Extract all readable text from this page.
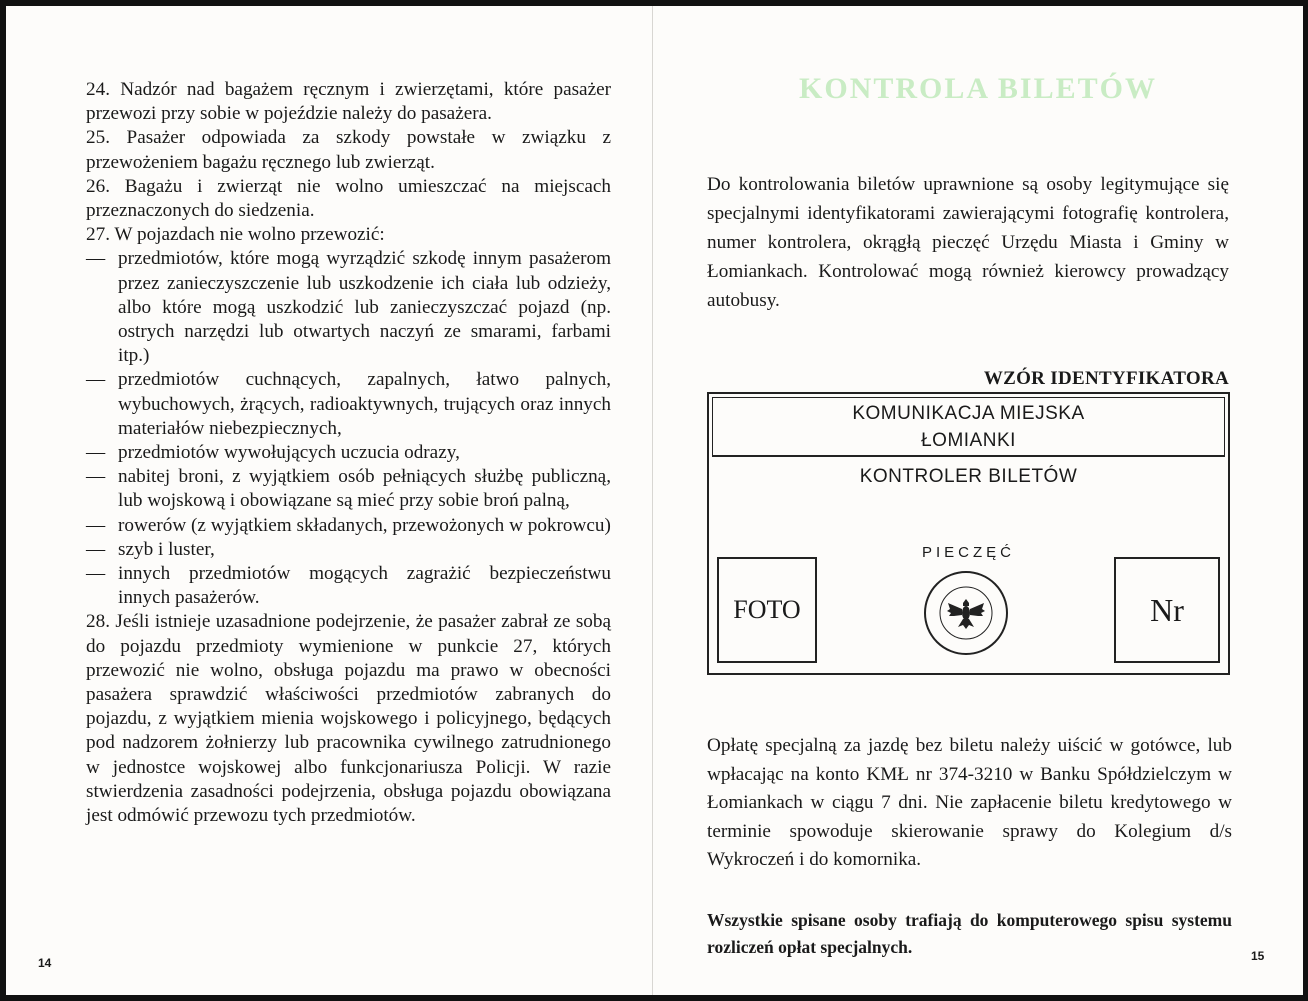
24. Nadzór nad bagażem ręcznym i zwierzętami, które pasażer przewozi przy sobie w pojeździe należy do pasażera.

25. Pasażer odpowiada za szkody powstałe w związku z przewożeniem bagażu ręcznego lub zwierząt.

26. Bagażu i zwierząt nie wolno umieszczać na miejscach przeznaczonych do siedzenia.

27. W pojazdach nie wolno przewozić:

— przedmiotów, które mogą wyrządzić szkodę innym pasażerom przez zanieczyszczenie lub uszkodzenie ich ciała lub odzieży, albo które mogą uszkodzić lub zanieczyszczać pojazd (np. ostrych narzędzi lub otwartych naczyń ze smarami, farbami itp.)
— przedmiotów cuchnących, zapalnych, łatwo palnych, wybuchowych, żrących, radioaktywnych, trujących oraz innych materiałów niebezpiecznych,
— przedmiotów wywołujących uczucia odrazy,
— nabitej broni, z wyjątkiem osób pełniących służbę publiczną, lub wojskową i obowiązane są mieć przy sobie broń palną,
— rowerów (z wyjątkiem składanych, przewożonych w pokrowcu)
— szyb i luster,
— innych przedmiotów mogących zagrażić bezpieczeństwu innych pasażerów.

28. Jeśli istnieje uzasadnione podejrzenie, że pasażer zabrał ze sobą do pojazdu przedmioty wymienione w punkcie 27, których przewozić nie wolno, obsługa pojazdu ma prawo w obecności pasażera sprawdzić właściwości przedmiotów zabranych do pojazdu, z wyjątkiem mienia wojskowego i policyjnego, będących pod nadzorem żołnierzy lub pracownika cywilnego zatrudnionego w jednostce wojskowej albo funkcjonariusza Policji. W razie stwierdzenia zasadności podejrzenia, obsługa pojazdu obowiązana jest odmówić przewozu tych przedmiotów.

14
KONTROLA BILETÓW
Do kontrolowania biletów uprawnione są osoby legitymujące się specjalnymi identyfikatorami zawierającymi fotografię kontrolera, numer kontrolera, okrągłą pieczęć Urzędu Miasta i Gminy w Łomiankach. Kontrolować mogą również kierowcy prowadzący autobusy.
WZÓR IDENTYFIKATORA
KOMUNIKACJA MIEJSKA
ŁOMIANKI
KONTROLER BILETÓW
FOTO
PIECZĘĆ
Nr

Opłatę specjalną za jazdę bez biletu należy uiścić w gotówce, lub wpłacając na konto KMŁ nr 374-3210 w Banku Spółdzielczym w Łomiankach w ciągu 7 dni. Nie zapłacenie biletu kredytowego w terminie spowoduje skierowanie sprawy do Kolegium d/s Wykroczeń i do komornika.

Wszystkie spisane osoby trafiają do komputerowego spisu systemu rozliczeń opłat specjalnych.	15
